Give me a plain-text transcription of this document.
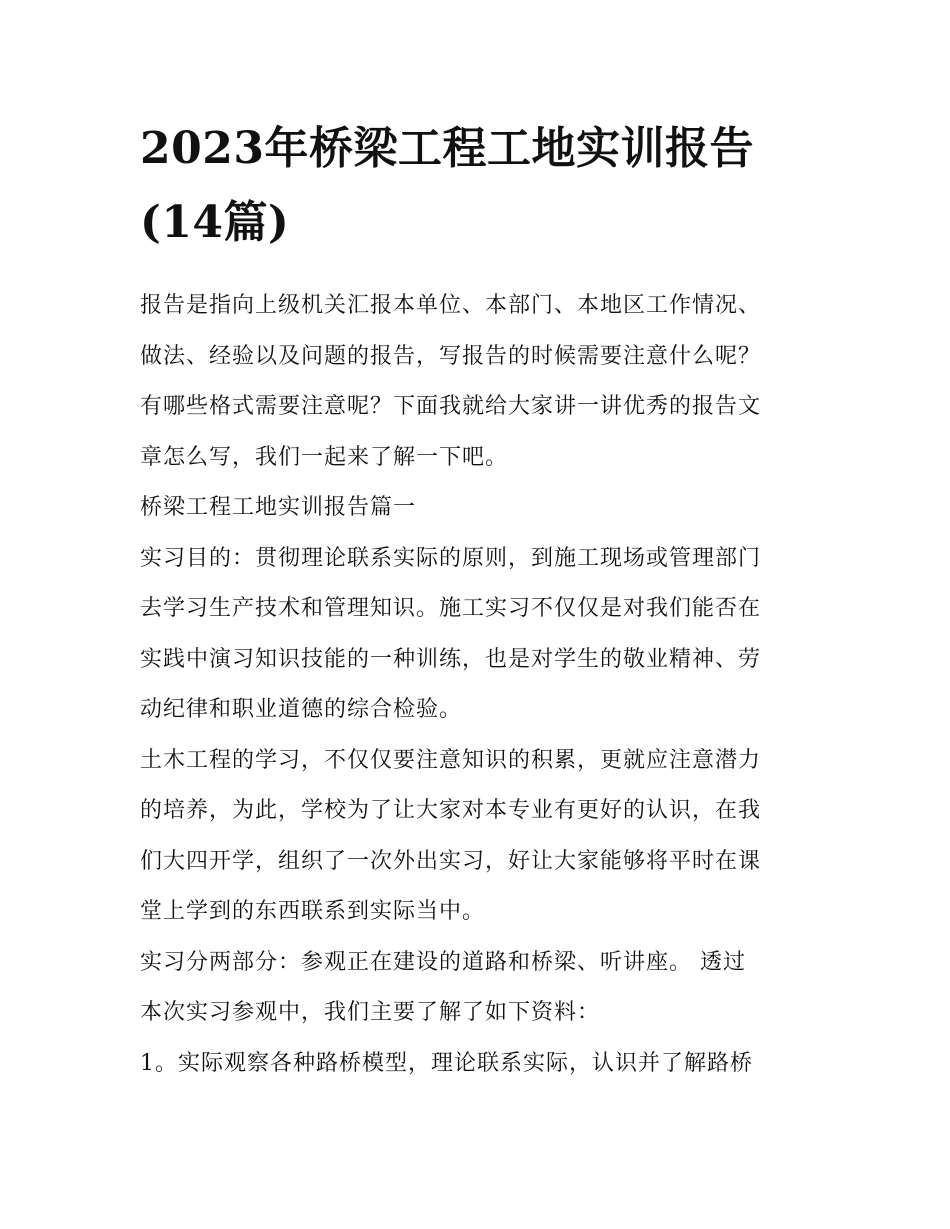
2023年桥梁工程工地实训报告
(14篇)

报告是指向上级机关汇报本单位、本部门、本地区工作情况、
做法、经验以及问题的报告，写报告的时候需要注意什么呢？
有哪些格式需要注意呢？下面我就给大家讲一讲优秀的报告文
章怎么写，我们一起来了解一下吧。

桥梁工程工地实训报告篇一

实习目的：贯彻理论联系实际的原则，到施工现场或管理部门
去学习生产技术和管理知识。施工实习不仅仅是对我们能否在
实践中演习知识技能的一种训练，也是对学生的敬业精神、劳
动纪律和职业道德的综合检验。

土木工程的学习，不仅仅要注意知识的积累，更就应注意潜力
的培养，为此，学校为了让大家对本专业有更好的认识，在我
们大四开学，组织了一次外出实习，好让大家能够将平时在课
堂上学到的东西联系到实际当中。

实习分两部分：参观正在建设的道路和桥梁、听讲座。 透过
本次实习参观中，我们主要了解了如下资料：

1。实际观察各种路桥模型，理论联系实际，认识并了解路桥
